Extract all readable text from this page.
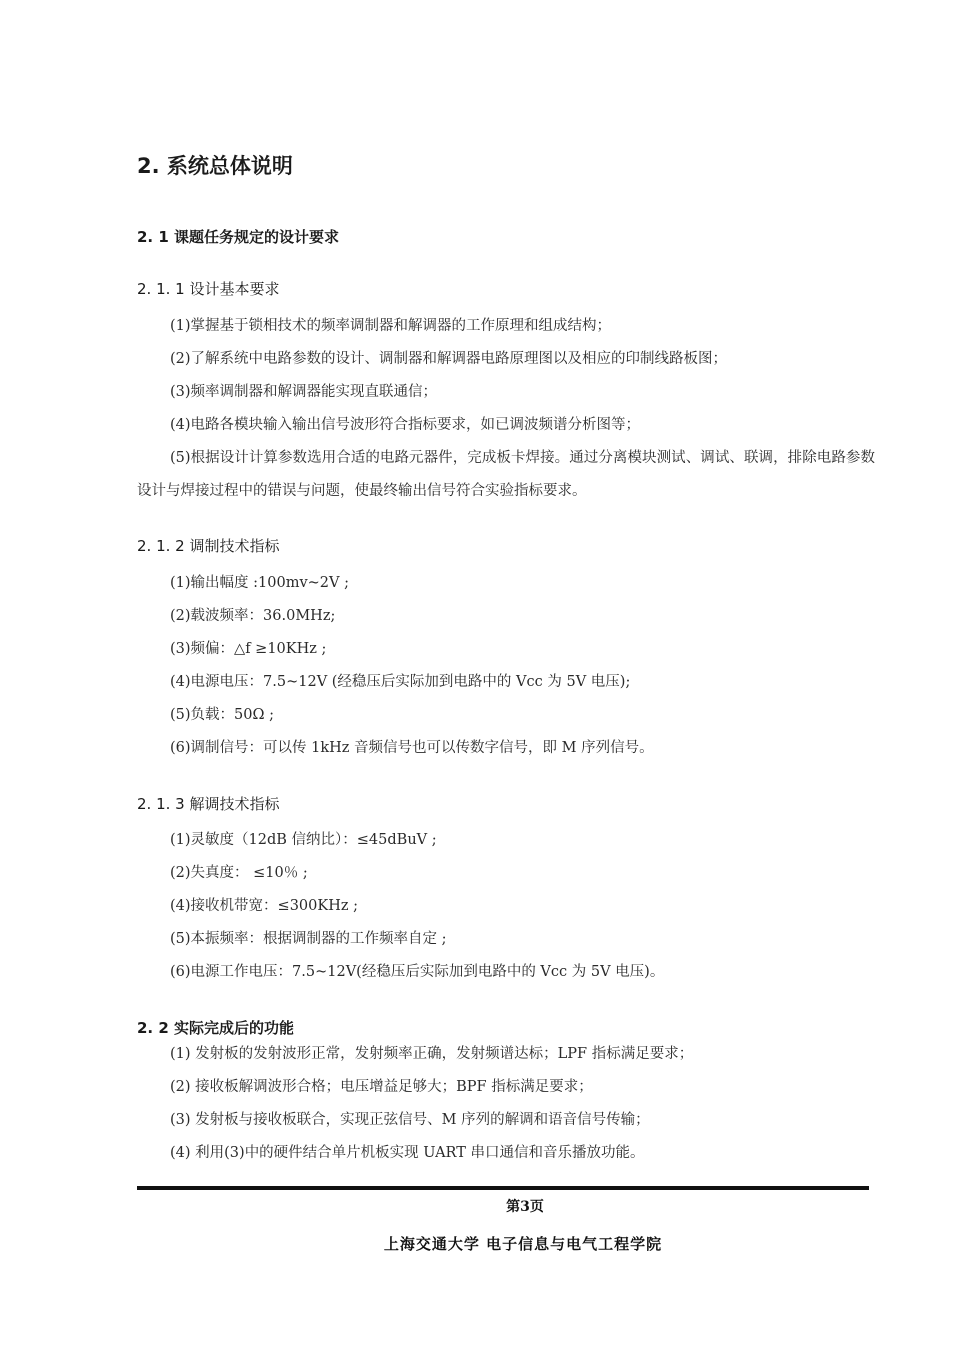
2. 系统总体说明
2. 1 课题任务规定的设计要求
2. 1. 1 设计基本要求
(1)掌握基于锁相技术的频率调制器和解调器的工作原理和组成结构；
(2)了解系统中电路参数的设计、调制器和解调器电路原理图以及相应的印制线路板图；
(3)频率调制器和解调器能实现直联通信；
(4)电路各模块输入输出信号波形符合指标要求，如已调波频谱分析图等；
(5)根据设计计算参数选用合适的电路元器件，完成板卡焊接。通过分离模块测试、调试、联调，排除电路参数设计与焊接过程中的错误与问题，使最终输出信号符合实验指标要求。
2. 1. 2 调制技术指标
(1)输出幅度 :100mv~2V ;
(2)载波频率：36.0MHz;
(3)频偏：△f ≥10KHz ;
(4)电源电压：7.5~12V (经稳压后实际加到电路中的 Vcc 为 5V 电压);
(5)负载：50Ω ;
(6)调制信号：可以传 1kHz 音频信号也可以传数字信号，即 M 序列信号。
2. 1. 3 解调技术指标
(1)灵敏度（12dB 信纳比）：≤45dBuV ;
(2)失真度： ≤10％ ;
(4)接收机带宽：≤300KHz ;
(5)本振频率：根据调制器的工作频率自定 ;
(6)电源工作电压：7.5~12V(经稳压后实际加到电路中的 Vcc 为 5V 电压)。
2. 2 实际完成后的功能
(1) 发射板的发射波形正常，发射频率正确，发射频谱达标；LPF 指标满足要求；
(2) 接收板解调波形合格；电压增益足够大；BPF 指标满足要求；
(3) 发射板与接收板联合，实现正弦信号、M 序列的解调和语音信号传输；
(4) 利用(3)中的硬件结合单片机板实现 UART 串口通信和音乐播放功能。
第3页
上海交通大学 电子信息与电气工程学院
